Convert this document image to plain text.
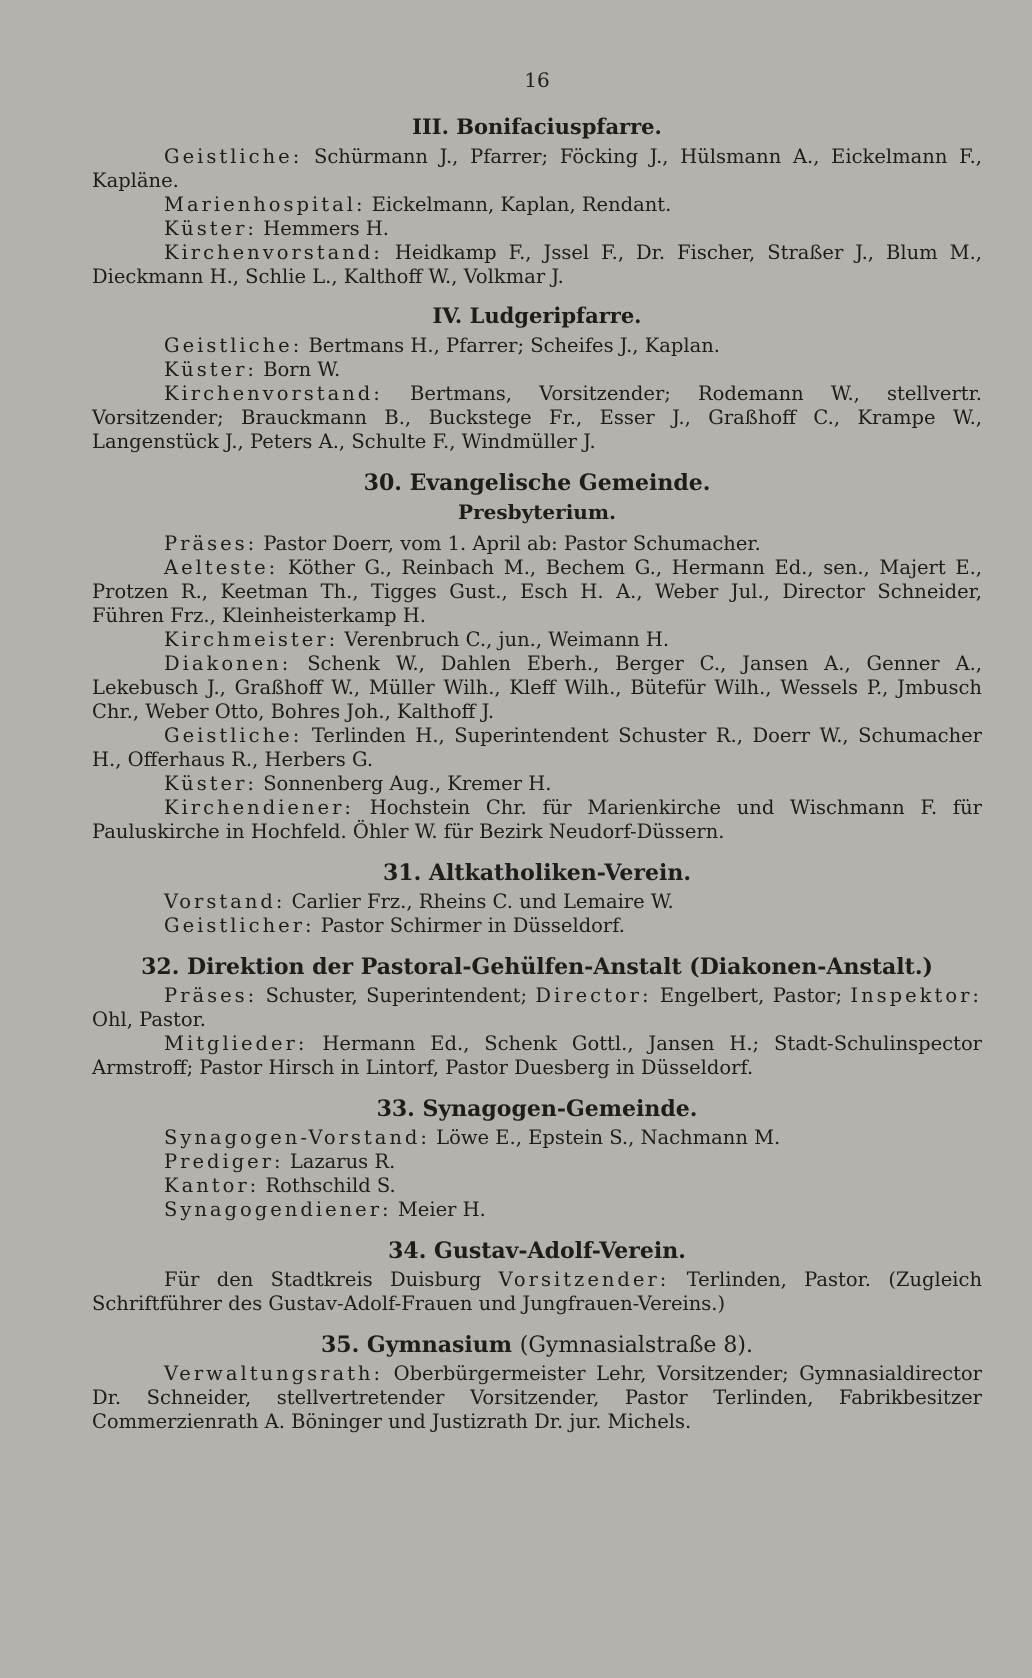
16

III. Bonifaciuspfarre.

Geistliche: Schürmann J., Pfarrer; Föcking J., Hülsmann A., Eickelmann F., Kapläne.

Marienhospital: Eickelmann, Kaplan, Rendant.

Küster: Hemmers H.

Kirchenvorstand: Heidkamp F., Jssel F., Dr. Fischer, Straßer J., Blum M., Dieckmann H., Schlie L., Kalthoff W., Volkmar J.

IV. Ludgeripfarre.

Geistliche: Bertmans H., Pfarrer; Scheifes J., Kaplan.

Küster: Born W.

Kirchenvorstand: Bertmans, Vorsitzender; Rodemann W., stellvertr. Vorsitzender; Brauckmann B., Buckstege Fr., Esser J., Graßhoff C., Krampe W., Langenstück J., Peters A., Schulte F., Windmüller J.

30. Evangelische Gemeinde.

Presbyterium.

Präses: Pastor Doerr, vom 1. April ab: Pastor Schumacher.

Aelteste: Köther G., Reinbach M., Bechem G., Hermann Ed., sen., Majert E., Protzen R., Keetman Th., Tigges Gust., Esch H. A., Weber Jul., Director Schneider, Führen Frz., Kleinheisterkamp H.

Kirchmeister: Verenbruch C., jun., Weimann H.

Diakonen: Schenk W., Dahlen Eberh., Berger C., Jansen A., Genner A., Lekebusch J., Graßhoff W., Müller Wilh., Kleff Wilh., Bütefür Wilh., Wessels P., Jmbusch Chr., Weber Otto, Bohres Joh., Kalthoff J.

Geistliche: Terlinden H., Superintendent Schuster R., Doerr W., Schumacher H., Offerhaus R., Herbers G.

Küster: Sonnenberg Aug., Kremer H.

Kirchendiener: Hochstein Chr. für Marienkirche und Wischmann F. für Pauluskirche in Hochfeld. Öhler W. für Bezirk Neudorf-Düssern.

31. Altkatholiken-Verein.

Vorstand: Carlier Frz., Rheins C. und Lemaire W.

Geistlicher: Pastor Schirmer in Düsseldorf.

32. Direktion der Pastoral-Gehülfen-Anstalt (Diakonen-Anstalt.)

Präses: Schuster, Superintendent; Director: Engelbert, Pastor; Inspektor: Ohl, Pastor.

Mitglieder: Hermann Ed., Schenk Gottl., Jansen H.; Stadt-Schulinspector Armstroff; Pastor Hirsch in Lintorf, Pastor Duesberg in Düsseldorf.

33. Synagogen-Gemeinde.

Synagogen-Vorstand: Löwe E., Epstein S., Nachmann M.

Prediger: Lazarus R.

Kantor: Rothschild S.

Synagogendiener: Meier H.

34. Gustav-Adolf-Verein.

Für den Stadtkreis Duisburg Vorsitzender: Terlinden, Pastor. (Zugleich Schriftführer des Gustav-Adolf-Frauen und Jungfrauen-Vereins.)

35. Gymnasium (Gymnasialstraße 8).

Verwaltungsrath: Oberbürgermeister Lehr, Vorsitzender; Gymnasialdirector Dr. Schneider, stellvertretender Vorsitzender, Pastor Terlinden, Fabrikbesitzer Commerzienrath A. Böninger und Justizrath Dr. jur. Michels.
